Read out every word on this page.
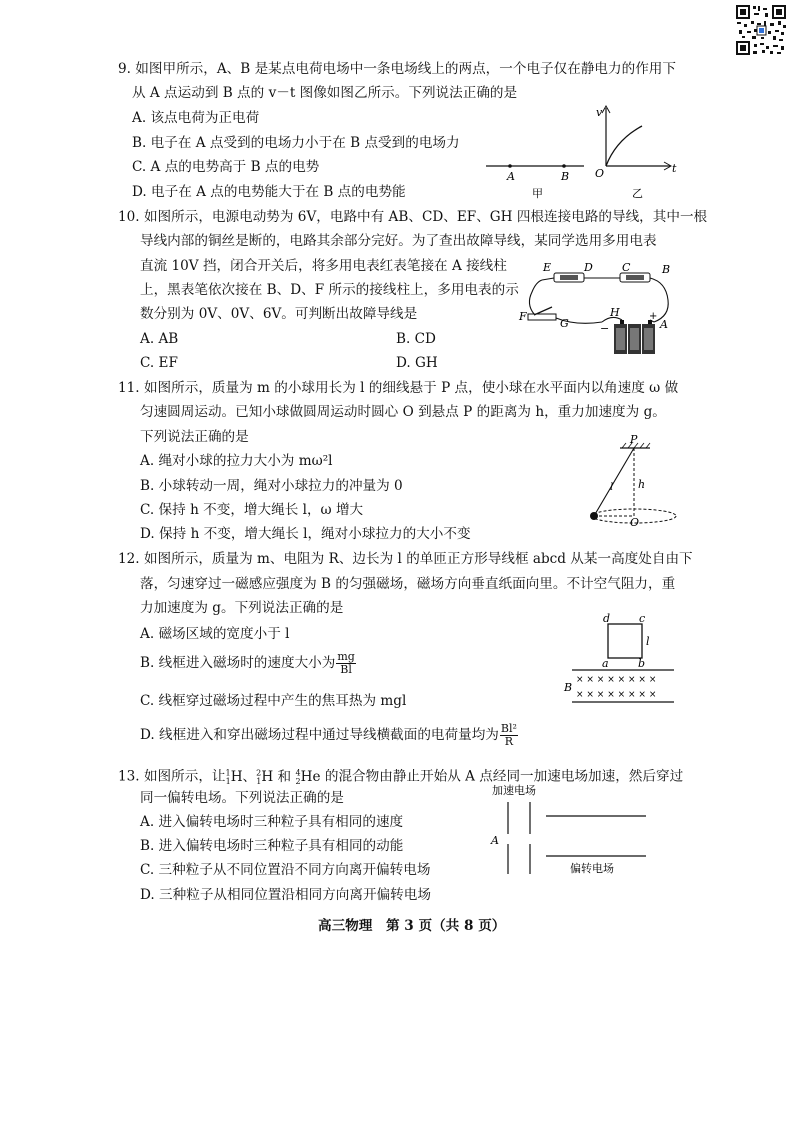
9. 如图甲所示，A、B 是某点电荷电场中一条电场线上的两点，一个电子仅在静电力的作用下
从 A 点运动到 B 点的 v－t 图像如图乙所示。下列说法正确的是
A. 该点电荷为正电荷
B. 电子在 A 点受到的电场力小于在 B 点受到的电场力
C. A 点的电势高于 B 点的电势
D. 电子在 A 点的电势能大于在 B 点的电势能
A	B
甲
v
O	t
乙
10. 如图所示，电源电动势为 6V，电路中有 AB、CD、EF、GH 四根连接电路的导线，其中一根
导线内部的铜丝是断的，电路其余部分完好。为了查出故障导线，某同学选用多用电表
直流 10V 挡，闭合开关后，将多用电表红表笔接在 A 接线柱
上，黑表笔依次接在 B、D、F 所示的接线柱上，多用电表的示
数分别为 0V、0V、6V。可判断出故障导线是
A. AB	B. CD
C. EF	D. GH
E	D	C	B
H
F
G	A
+
−
11. 如图所示，质量为 m 的小球用长为 l 的细线悬于 P 点，使小球在水平面内以角速度 ω 做
匀速圆周运动。已知小球做圆周运动时圆心 O 到悬点 P 的距离为 h，重力加速度为 g。
下列说法正确的是
A. 绳对小球的拉力大小为 mω²l
B. 小球转动一周，绳对小球拉力的冲量为 0
C. 保持 h 不变，增大绳长 l，ω 增大
D. 保持 h 不变，增大绳长 l，绳对小球拉力的大小不变
P
h
l
O
12. 如图所示，质量为 m、电阻为 R、边长为 l 的单匝正方形导线框 abcd 从某一高度处自由下
落，匀速穿过一磁感应强度为 B 的匀强磁场，磁场方向垂直纸面向里。不计空气阻力，重
力加速度为 g。下列说法正确的是
A. 磁场区域的宽度小于 l
B. 线框进入磁场时的速度大小为 $\frac{mg}{Bl}$
C. 线框穿过磁场过程中产生的焦耳热为 mgl
D. 线框进入和穿出磁场过程中通过导线横截面的电荷量均为 $\frac{\text{Bl²}}{R}$
d	c
l
a	b
B
× × × × × × × ×
× × × × × × × ×
13. 如图所示，让$^1_1$H、$^2_1$H 和 $^4_2$He 的混合物由静止开始从 A 点经同一加速电场加速，然后穿过
同一偏转电场。下列说法正确的是
A. 进入偏转电场时三种粒子具有相同的速度
B. 进入偏转电场时三种粒子具有相同的动能
C. 三种粒子从不同位置沿不同方向离开偏转电场
D. 三种粒子从相同位置沿相同方向离开偏转电场
加速电场
A
偏转电场
高三物理　第 3 页（共 8 页）
